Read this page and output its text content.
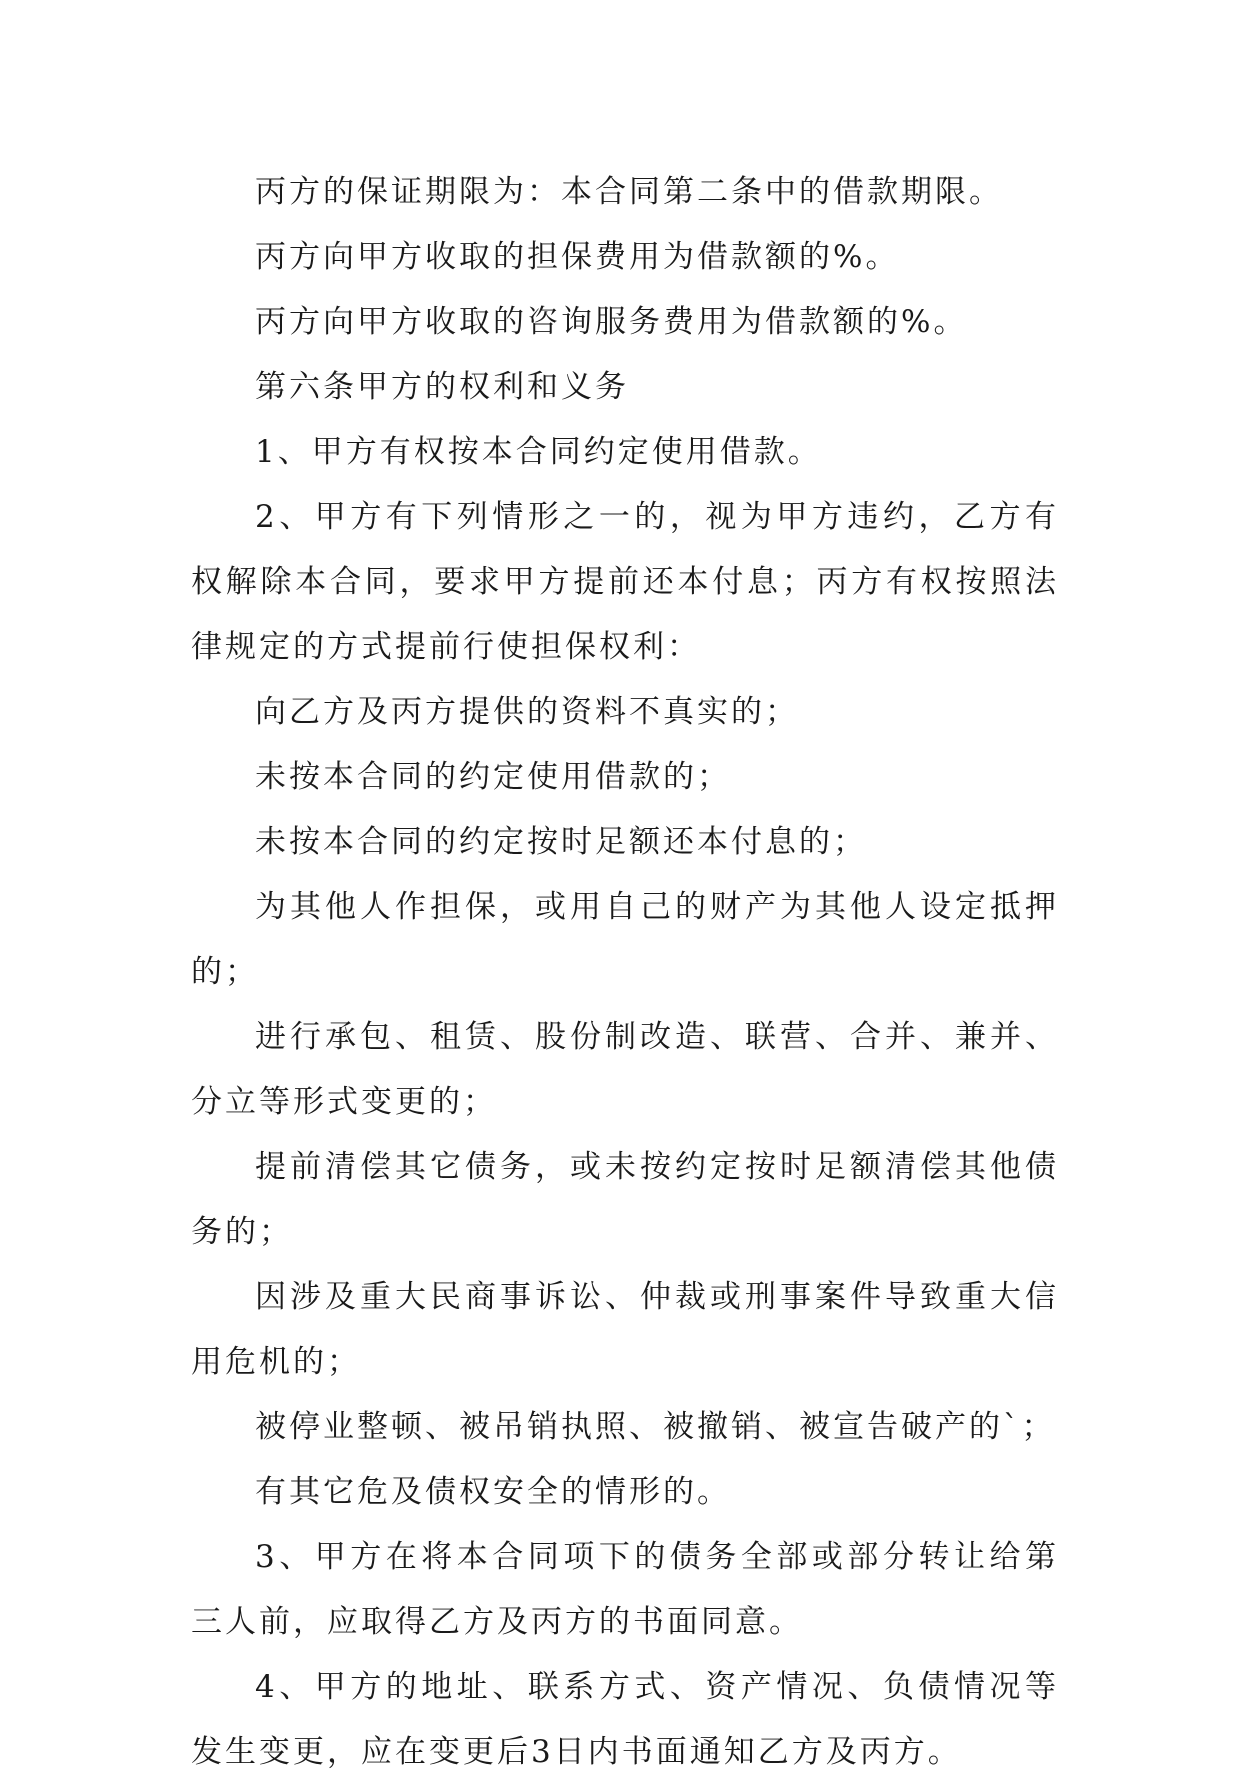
丙方的保证期限为：本合同第二条中的借款期限。

丙方向甲方收取的担保费用为借款额的%。

丙方向甲方收取的咨询服务费用为借款额的%。

第六条甲方的权利和义务

1、甲方有权按本合同约定使用借款。

2、甲方有下列情形之一的，视为甲方违约，乙方有权解除本合同，要求甲方提前还本付息；丙方有权按照法律规定的方式提前行使担保权利：

向乙方及丙方提供的资料不真实的；

未按本合同的约定使用借款的；

未按本合同的约定按时足额还本付息的；

为其他人作担保，或用自己的财产为其他人设定抵押的；

进行承包、租赁、股份制改造、联营、合并、兼并、分立等形式变更的；

提前清偿其它债务，或未按约定按时足额清偿其他债务的；

因涉及重大民商事诉讼、仲裁或刑事案件导致重大信用危机的；

被停业整顿、被吊销执照、被撤销、被宣告破产的`；

有其它危及债权安全的情形的。

3、甲方在将本合同项下的债务全部或部分转让给第三人前，应取得乙方及丙方的书面同意。

4、甲方的地址、联系方式、资产情况、负债情况等发生变更，应在变更后3日内书面通知乙方及丙方。
